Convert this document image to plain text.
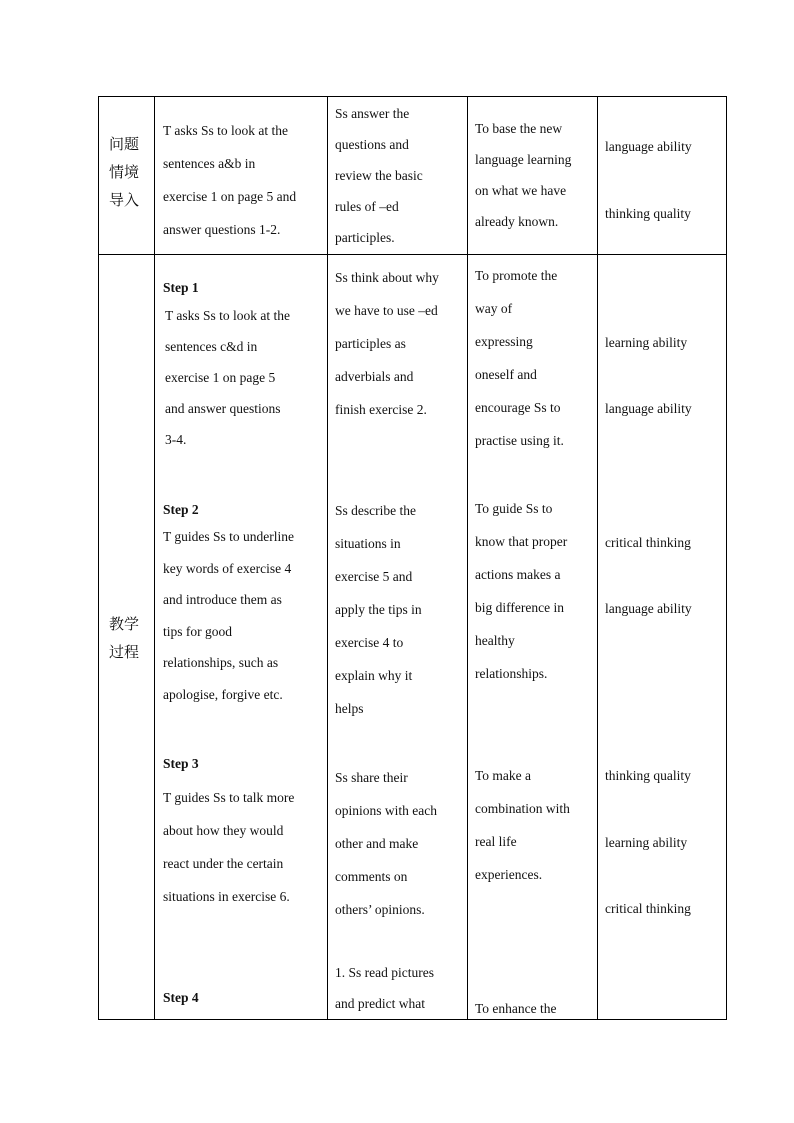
问题
情境
导入
T asks Ss to look at the
sentences a&b in
exercise 1 on page 5 and
answer questions 1-2.
Ss answer the
questions and
review the basic
rules of –ed
participles.
To base the new
language learning
on what we have
already known.
language ability
thinking quality
教学
过程
Step 1
T asks Ss to look at the
sentences c&d in
exercise 1 on page 5
and answer questions
3-4.
Ss think about why
we have to use –ed
participles as
adverbials and
finish exercise 2.
To promote the
way of
expressing
oneself and
encourage Ss to
practise using it.
learning ability
language ability
Step 2
T guides Ss to underline
key words of exercise 4
and introduce them as
tips for good
relationships, such as
apologise, forgive etc.
Ss describe the
situations in
exercise 5 and
apply the tips in
exercise 4 to
explain why it
helps
To guide Ss to
know that proper
actions makes a
big difference in
healthy
relationships.
critical thinking
language ability
Step 3
T guides Ss to talk more
about how they would
react under the certain
situations in exercise 6.
Ss share their
opinions with each
other and make
comments on
others’ opinions.
To make a
combination with
real life
experiences.
thinking quality
learning ability
critical thinking
Step 4
1. Ss read pictures
and predict what	To enhance the
